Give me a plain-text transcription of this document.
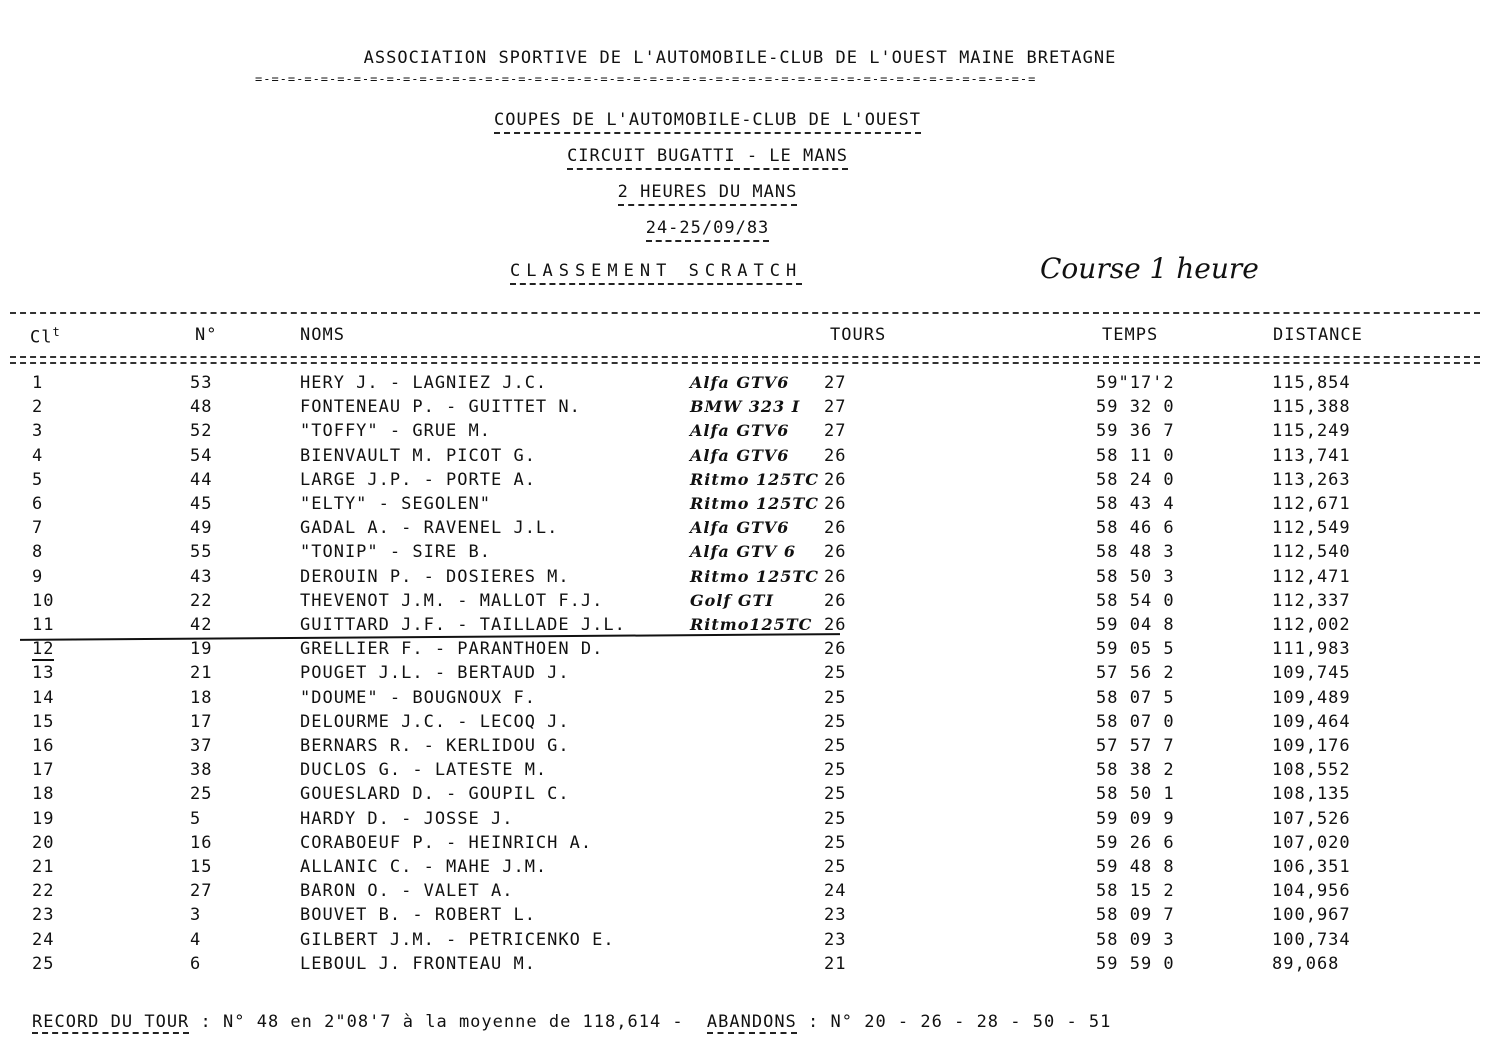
ASSOCIATION SPORTIVE DE L'AUTOMOBILE-CLUB DE L'OUEST MAINE BRETAGNE
=-=-=-=-=-=-=-=-=-=-=-=-=-=-=-=-=-=-=-=-=-=-=-=-=-=-=-=-=-=-=-=-=-=-=-=-=-=-=-=-=-=-=-=-=-=-=-=
COUPES DE L'AUTOMOBILE-CLUB DE L'OUEST
CIRCUIT BUGATTI - LE MANS
2 HEURES DU MANS
24-25/09/83
CLASSEMENT SCRATCH	Course 1 heure
Cl$^t$	N°	NOMS	TOURS	TEMPS	DISTANCE
1	53	HERY J. - LAGNIEZ J.C.	Alfa GTV6 27	59"17'2	115,854
2	48	FONTENEAU P. - GUITTET N.	BMW 323 I 27	59 32 0	115,388
3	52	"TOFFY" - GRUE M.	Alfa GTV6 27	59 36 7	115,249
4	54	BIENVAULT M. PICOT G.	Alfa GTV6 26	58 11 0	113,741
5	44	LARGE J.P. - PORTE A.	Ritmo 125TC 26	58 24 0	113,263
6	45	"ELTY" - SEGOLEN"	Ritmo 125TC 26	58 43 4	112,671
7	49	GADAL A. - RAVENEL J.L.	Alfa GTV6 26	58 46 6	112,549
8	55	"TONIP" - SIRE B.	Alfa GTV 6 26	58 48 3	112,540
9	43	DEROUIN P. - DOSIERES M.	Ritmo 125TC 26	58 50 3	112,471
10	22	THEVENOT J.M. - MALLOT F.J.	Golf GTI	26	58 54 0	112,337
11	42	GUITTARD J.F. - TAILLADE J.L.	Ritmo125TC 26	59 04 8	112,002
12	19	GRELLIER F. - PARANTHOEN D.	26	59 05 5	111,983
13	21	POUGET J.L. - BERTAUD J.	25	57 56 2	109,745
14	18	"DOUME" - BOUGNOUX F.	25	58 07 5	109,489
15	17	DELOURME J.C. - LECOQ J.	25	58 07 0	109,464
16	37	BERNARS R. - KERLIDOU G.	25	57 57 7	109,176
17	38	DUCLOS G. - LATESTE M.	25	58 38 2	108,552
18	25	GOUESLARD D. - GOUPIL C.	25	58 50 1	108,135
19	5	HARDY D. - JOSSE J.	25	59 09 9	107,526
20	16	CORABOEUF P. - HEINRICH A.	25	59 26 6	107,020
21	15	ALLANIC C. - MAHE J.M.	25	59 48 8	106,351
22	27	BARON O. - VALET A.	24	58 15 2	104,956
23	3	BOUVET B. - ROBERT L.	23	58 09 7	100,967
24	4	GILBERT J.M. - PETRICENKO E.	23	58 09 3	100,734
25	6	LEBOUL J. FRONTEAU M.	21	59 59 0	89,068
RECORD DU TOUR : N° 48 en 2"08'7 à la moyenne de 118,614 - ABANDONS : N° 20 - 26 - 28 - 50 - 51
